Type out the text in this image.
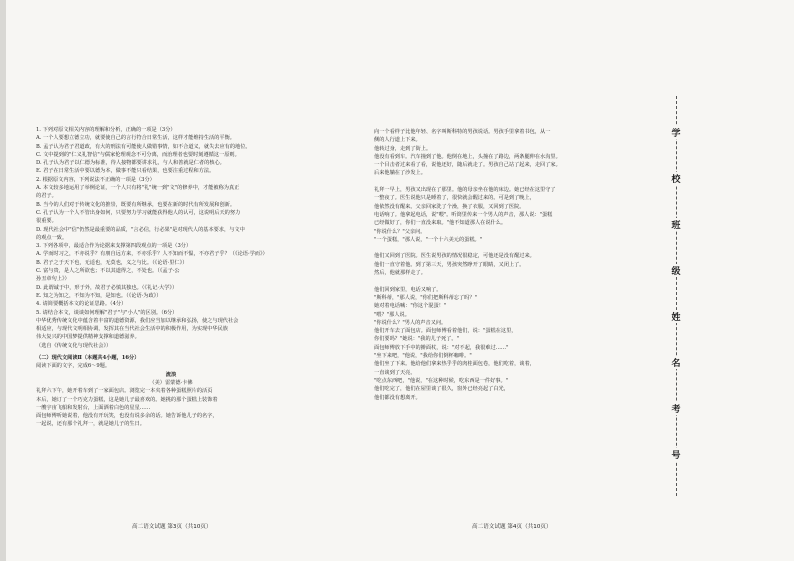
1. 下列对原文相关内容的理解和分析，正确的一项是（3分）
A. 一个人要想立德立功，就要使自己的言行符合日常生活，这样才能维持生活的平衡。
B. 孟子认为君子君道政，有大的刑法有可能使人做错事情，如不合道义，就失去应有的地位。
C. 文中提到的"仁义礼智信"与儒家伦理观念不可分离，而治理者也要时刻遵循这一原则。
D. 孔子认为君子以仁德为标准，待人接物都要讲求礼，与人和善就是仁者的核心。
E. 君子在日常生活中要以德为本，做事不能只看结果，也要注重过程和方法。
2. 根据原文内容，下列说法不正确的一项是（3分）
A. 本文较多地运用了举例论证，一个人只有将"礼"统一到"文"的修养中，才能被称为真正
的君子。
B. 当今的人们对于传统文化的推崇，既要有所继承，也要在新的时代有所发展和创新。
C. 孔子认为一个人不管出身如何，只要努力学习就能获得他人的认可，这说明后天的努力
很重要。
D. 现代社会中"信"仍然是最重要的品质，"言必信，行必果"是对现代人的基本要求，与文中
的观点一致。
3. 下列各项中，最适合作为论据来支撑第四段观点的一项是（3分）
A. 学而时习之，不亦说乎？有朋自远方来，不亦乐乎？人不知而不愠，不亦君子乎？（《论语·学而》）
B. 君子之于天下也，无适也，无莫也，义之与比。（《论语·里仁》）
C. 富与贵，是人之所欲也；不以其道得之，不处也。（《孟子·公
孙丑章句上》）
D. 此谓诚于中，形于外，故君子必慎其独也。（《礼记·大学》）
E. 知之为知之，不知为不知，是知也。（《论语·为政》）
4. 请简要概括本文的论证思路。（4分）
5. 请结合本文，谈谈如何理解"君子"与"小人"的区别。（6分）
中华优秀传统文化中蕴含着丰富的道德资源，我们应当加以继承和弘扬，使之与现代社会
相适应，与现代文明相协调，发挥其在当代社会生活中的积极作用，为实现中华民族
伟大复兴的中国梦提供精神支撑和道德滋养。
（选自《传统文化与现代社会》）
（二）现代文阅读Ⅱ（本题共4小题，16分）
阅读下面的文字，完成6～9题。
流浪
（美）雷蒙德·卡佛
礼拜六下午，她开着车到了一家面包店。浏览完一本夹着各种蛋糕照片的活页
本后，她订了一个巧克力蛋糕，这是她儿子最喜欢的。她挑的那个蛋糕上装饰着
一艘宇宙飞船和发射台，上面洒着白色的星星……
面包师傅听她说着，他没有开玩笑，也没有说多余的话。她告诉他儿子的名字，
一起说，还有那个礼拜一，就是她儿子的生日。
向一个看样子比他年轻、名字叫斯科特的男孩说话。男孩手里拿着书包，从一
侧的人行道上下来。
他转过身，走到了街上。
他没有看到车。汽车撞到了他。他倒在地上，头撞在了路边，两条腿伸在水沟里。
一个目击者过来看了看，说他还好，随后就走了。男孩自己站了起来，走回了家。
后来他躺在了沙发上。

礼拜一早上，男孩又出现在了那里。他的母亲坐在他的床边。她已经在这里守了
一整夜了。医生说他只是睡着了，很快就会醒过来的。可是到了晚上，
他依然没有醒来。父亲回家洗了个澡，换了衣服，又回到了医院。
电话响了。他拿起电话，说"喂"。听筒里传来一个男人的声音，那人说："蛋糕
已经做好了，你们一直没来取。"他不知道那人在说什么。
"你说什么？"父亲问。
"一个蛋糕，"那人说，"一个十六美元的蛋糕。"

他们又回到了医院。医生说男孩的情况很稳定，可他还是没有醒过来。
他们一直守着他。到了第三天，男孩突然睁开了眼睛，又闭上了。
然后，他就那样走了。

他们回到家里，电话又响了。
"斯科蒂，"那人说，"你们把斯科蒂忘了吗？"
她对着电话喊："你这个混蛋！"
"喂？"那人说。
"你说什么？"男人的声音又问。
他们开车去了面包店。面包师傅看着他们，说："蛋糕在这里，
你们要吗？"她说："我的儿子死了。"
面包师傅放下手中的擀面杖，说："对不起，我很难过……"
"坐下来吧，"他说，"我给你们倒杯咖啡。"
他们坐了下来。他给他们拿来热乎乎的肉桂面包卷，他们吃着，谈着，
一直谈到了天亮。
"吃点东西吧，"他说，"在这种时候，吃东西是一件好事。"
他们吃完了，他们在屋里谈了很久，窗外已经亮起了白光，
他们都没有想离开。
高二语文试题 第3页（共10页）	高二语文试题 第4页（共10页）
学
校
班
级
姓
名
考
号
